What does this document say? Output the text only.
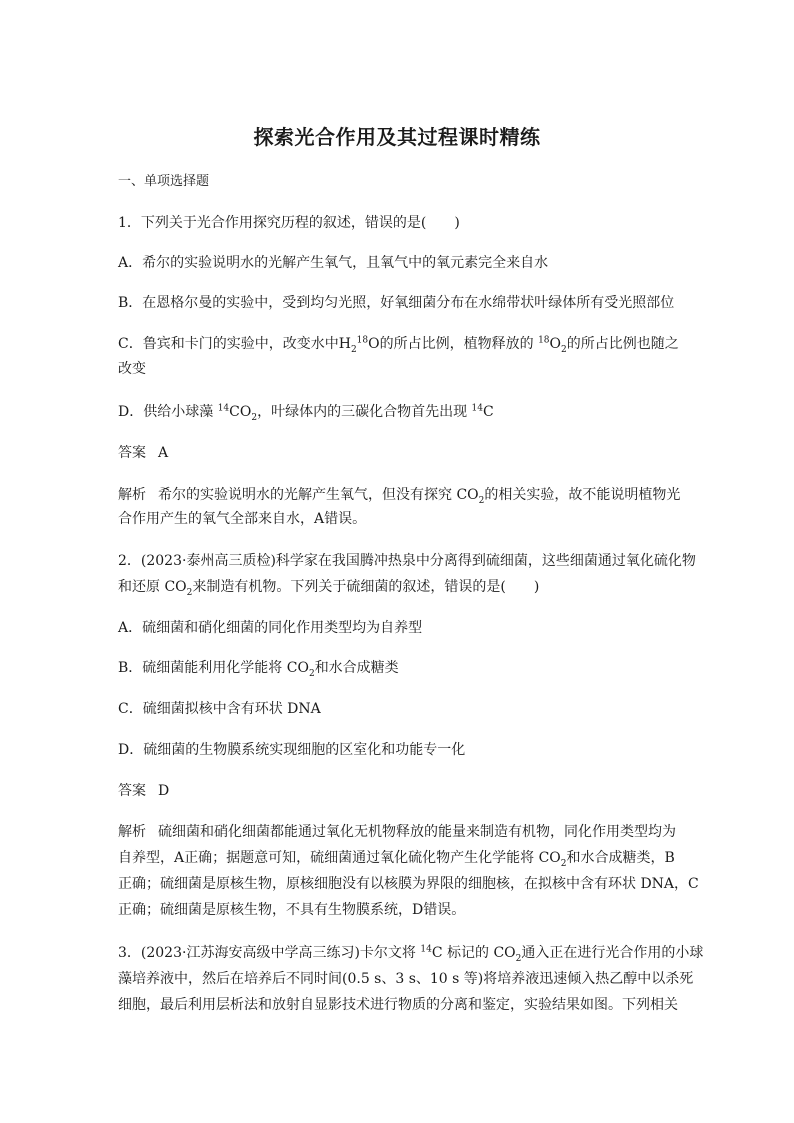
探索光合作用及其过程课时精练
一、单项选择题
1．下列关于光合作用探究历程的叙述，错误的是(　　)
A．希尔的实验说明水的光解产生氧气，且氧气中的氧元素完全来自水
B．在恩格尔曼的实验中，受到均匀光照，好氧细菌分布在水绵带状叶绿体所有受光照部位
C．鲁宾和卡门的实验中，改变水中$H_2^{18}O$的所占比例，植物释放的 $^{18}O_2$的所占比例也随之
改变
D．供给小球藻 $^{14}CO_2$，叶绿体内的三碳化合物首先出现 $^{14}$C
答案 A
解析 希尔的实验说明水的光解产生氧气，但没有探究 $CO_2$的相关实验，故不能说明植物光
合作用产生的氧气全部来自水，A错误。
2．(2023·泰州高三质检)科学家在我国腾冲热泉中分离得到硫细菌，这些细菌通过氧化硫化物
和还原 $CO_2$来制造有机物。下列关于硫细菌的叙述，错误的是(　　)
A．硫细菌和硝化细菌的同化作用类型均为自养型
B．硫细菌能利用化学能将 $CO_2$和水合成糖类
C．硫细菌拟核中含有环状 DNA
D．硫细菌的生物膜系统实现细胞的区室化和功能专一化
答案 D
解析 硫细菌和硝化细菌都能通过氧化无机物释放的能量来制造有机物，同化作用类型均为
自养型，A正确；据题意可知，硫细菌通过氧化硫化物产生化学能将 $CO_2$和水合成糖类，B
正确；硫细菌是原核生物，原核细胞没有以核膜为界限的细胞核，在拟核中含有环状 DNA，C
正确；硫细菌是原核生物，不具有生物膜系统，D错误。
3．(2023·江苏海安高级中学高三练习)卡尔文将 $^{14}$C 标记的 $CO_2$通入正在进行光合作用的小球
藻培养液中，然后在培养后不同时间(0.5 s、3 s、10 s 等)将培养液迅速倾入热乙醇中以杀死
细胞，最后利用层析法和放射自显影技术进行物质的分离和鉴定，实验结果如图。下列相关
